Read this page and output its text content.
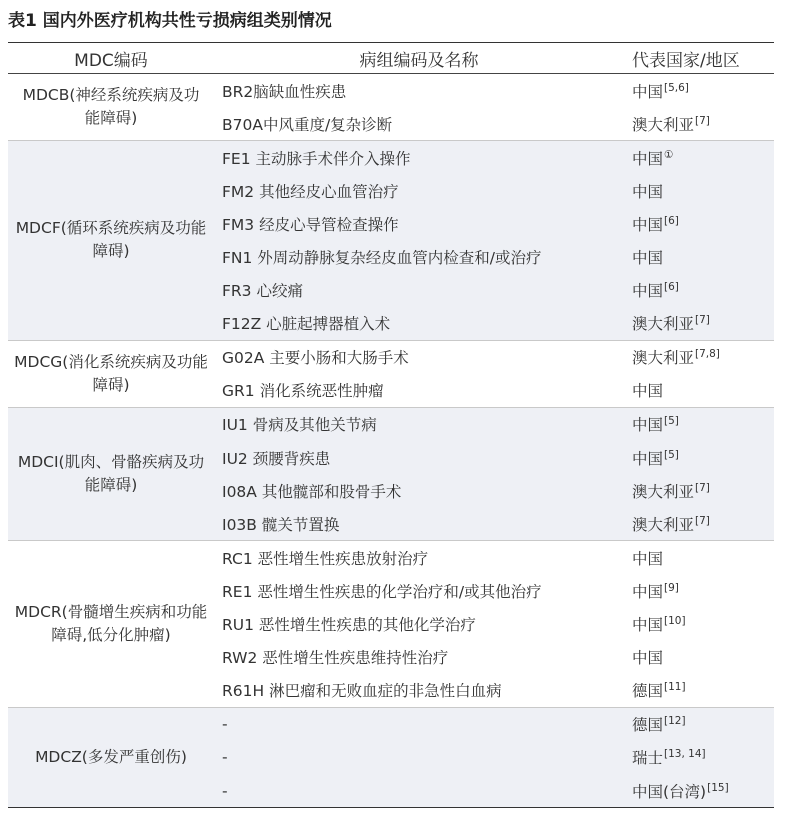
表1 国内外医疗机构共性亏损病组类别情况
MDC编码	病组编码及名称	代表国家/地区
MDCB(神经系统疾病及功能障碍)
BR2脑缺血性疾患	中国[5,6]
B70A中风重度/复杂诊断	澳大利亚[7]
MDCF(循环系统疾病及功能障碍)
FE1 主动脉手术伴介入操作	中国①
FM2 其他经皮心血管治疗	中国
FM3 经皮心导管检查操作	中国[6]
FN1 外周动静脉复杂经皮血管内检查和/或治疗	中国
FR3 心绞痛	中国[6]
F12Z 心脏起搏器植入术	澳大利亚[7]
MDCG(消化系统疾病及功能障碍)
G02A 主要小肠和大肠手术	澳大利亚[7,8]
GR1 消化系统恶性肿瘤	中国
MDCI(肌肉、骨骼疾病及功能障碍)
IU1 骨病及其他关节病	中国[5]
IU2 颈腰背疾患	中国[5]
I08A 其他髋部和股骨手术	澳大利亚[7]
I03B 髋关节置换	澳大利亚[7]
MDCR(骨髓增生疾病和功能障碍,低分化肿瘤)
RC1 恶性增生性疾患放射治疗	中国
RE1 恶性增生性疾患的化学治疗和/或其他治疗	中国[9]
RU1 恶性增生性疾患的其他化学治疗	中国[10]
RW2 恶性增生性疾患维持性治疗	中国
R61H 淋巴瘤和无败血症的非急性白血病	德国[11]
MDCZ(多发严重创伤)
-	德国[12]
-	瑞士[13, 14]
-	中国(台湾)[15]
